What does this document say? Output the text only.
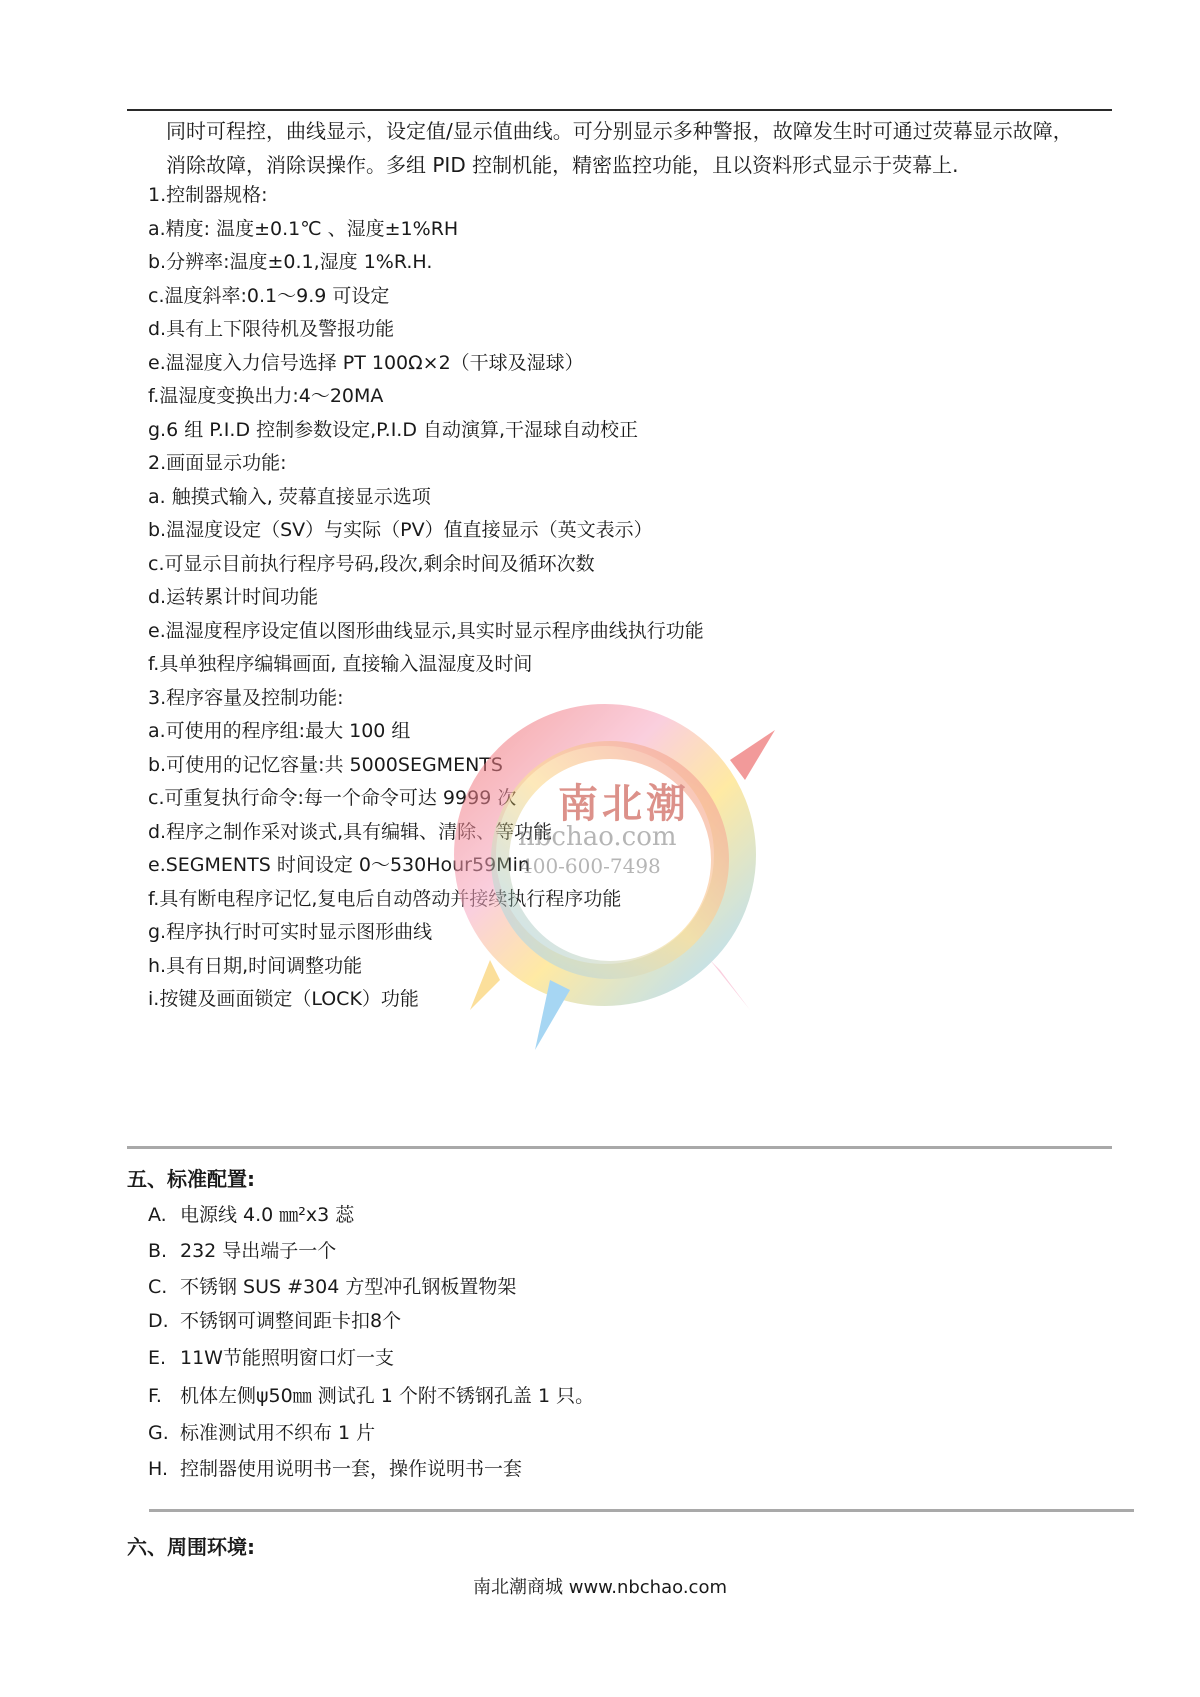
同时可程控，曲线显示，设定值/显示值曲线。可分别显示多种警报，故障发生时可通过荧幕显示故障，

消除故障，消除误操作。多组 PID 控制机能，精密监控功能，且以资料形式显示于荧幕上.

1.控制器规格:
a.精度: 温度±0.1℃ 、湿度±1%RH
b.分辨率:温度±0.1,湿度 1%R.H.
c.温度斜率:0.1～9.9 可设定
d.具有上下限待机及警报功能
e.温湿度入力信号选择 PT 100Ω×2（干球及湿球）
f.温湿度变换出力:4～20MA
g.6 组 P.I.D 控制参数设定,P.I.D 自动演算,干湿球自动校正
2.画面显示功能:
a. 触摸式输入, 荧幕直接显示选项
b.温湿度设定（SV）与实际（PV）值直接显示（英文表示）
c.可显示目前执行程序号码,段次,剩余时间及循环次数
d.运转累计时间功能
e.温湿度程序设定值以图形曲线显示,具实时显示程序曲线执行功能
f.具单独程序编辑画面, 直接输入温湿度及时间
3.程序容量及控制功能:
a.可使用的程序组:最大 100 组
b.可使用的记忆容量:共 5000SEGMENTS
c.可重复执行命令:每一个命令可达 9999 次
d.程序之制作采对谈式,具有编辑、清除、等功能
e.SEGMENTS 时间设定 0～530Hour59Min
f.具有断电程序记忆,复电后自动啓动并接续执行程序功能
g.程序执行时可实时显示图形曲线
h.具有日期,时间调整功能
i.按键及画面锁定（LOCK）功能
南北潮
nbchao.com
400-600-7498
五、标准配置:
A. 电源线 4.0 ㎜²x3 蕊
B. 232 导出端子一个
C. 不锈钢 SUS #304 方型冲孔钢板置物架
D. 不锈钢可调整间距卡扣8个
E. 11W节能照明窗口灯一支
F. 机体左侧ψ50㎜ 测试孔 1 个附不锈钢孔盖 1 只。
G. 标准测试用不织布 1 片
H. 控制器使用说明书一套，操作说明书一套
六、周围环境:
南北潮商城 www.nbchao.com
